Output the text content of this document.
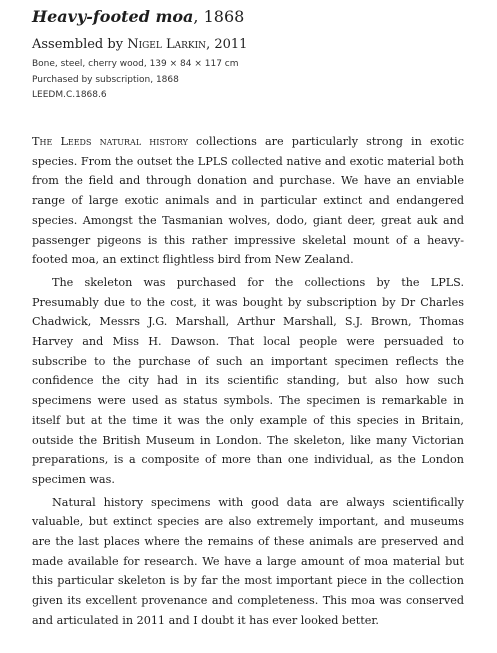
Heavy-footed moa, 1868

Assembled by Nigel Larkin, 2011

Bone, steel, cherry wood, 139 × 84 × 117 cm
Purchased by subscription, 1868
LEEDM.C.1868.6

The Leeds natural history collections are particularly strong in exotic species. From the outset the LPLS collected native and exotic material both from the field and through donation and purchase. We have an enviable range of large exotic animals and in particular extinct and endangered species. Amongst the Tasmanian wolves, dodo, giant deer, great auk and passenger pigeons is this rather impressive skeletal mount of a heavy-footed moa, an extinct flightless bird from New Zealand.

The skeleton was purchased for the collections by the LPLS. Presumably due to the cost, it was bought by subscription by Dr Charles Chadwick, Messrs J.G. Marshall, Arthur Marshall, S.J. Brown, Thomas Harvey and Miss H. Dawson. That local people were persuaded to subscribe to the purchase of such an important specimen reflects the confidence the city had in its scientific standing, but also how such specimens were used as status symbols. The specimen is remarkable in itself but at the time it was the only example of this species in Britain, outside the British Museum in London. The skeleton, like many Victorian preparations, is a composite of more than one individual, as the London specimen was.

Natural history specimens with good data are always scientifically valuable, but extinct species are also extremely important, and museums are the last places where the remains of these animals are preserved and made available for research. We have a large amount of moa material but this particular skeleton is by far the most important piece in the collection given its excellent provenance and completeness. This moa was conserved and articulated in 2011 and I doubt it has ever looked better.
